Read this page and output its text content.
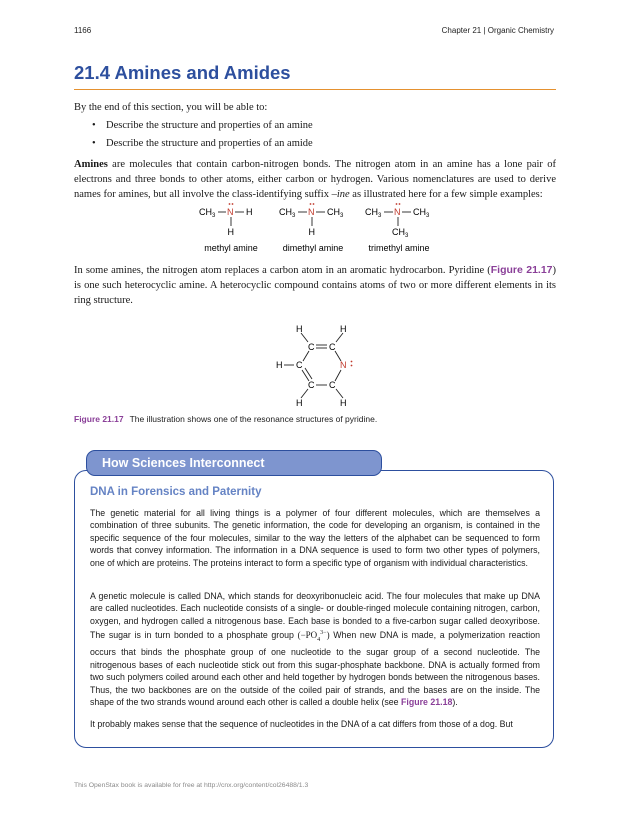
1166	Chapter 21 | Organic Chemistry
21.4 Amines and Amides

By the end of this section, you will be able to:

• Describe the structure and properties of an amine
• Describe the structure and properties of an amide

Amines are molecules that contain carbon-nitrogen bonds. The nitrogen atom in an amine has a lone pair of electrons and three bonds to other atoms, either carbon or hydrogen. Various nomenclatures are used to derive names for amines, but all involve the class-identifying suffix –ine as illustrated here for a few simple examples:

$CH_3$ N H
H
$CH_3$ N $CH_3$
H
$CH_3$ N $CH_3$
$CH_3$
methyl amine	dimethyl amine	trimethyl amine

In some amines, the nitrogen atom replaces a carbon atom in an aromatic hydrocarbon. Pyridine (Figure 21.17) is one such heterocyclic amine. A heterocyclic compound contains atoms of two or more different elements in its ring structure.

H	H
C C
H C	N
C C
H	H
Figure 21.17 The illustration shows one of the resonance structures of pyridine.
How Sciences Interconnect
DNA in Forensics and Paternity

The genetic material for all living things is a polymer of four different molecules, which are themselves a combination of three subunits. The genetic information, the code for developing an organism, is contained in the specific sequence of the four molecules, similar to the way the letters of the alphabet can be sequenced to form words that convey information. The information in a DNA sequence is used to form two other types of polymers, one of which are proteins. The proteins interact to form a specific type of organism with individual characteristics.

A genetic molecule is called DNA, which stands for deoxyribonucleic acid. The four molecules that make up DNA are called nucleotides. Each nucleotide consists of a single- or double-ringed molecule containing nitrogen, carbon, oxygen, and hydrogen called a nitrogenous base. Each base is bonded to a five-carbon sugar called deoxyribose. The sugar is in turn bonded to a phosphate group $(-PO_4^{3-})$ When new DNA is made, a polymerization reaction occurs that binds the phosphate group of one nucleotide to the sugar group of a second nucleotide. The nitrogenous bases of each nucleotide stick out from this sugar-phosphate backbone. DNA is actually formed from two such polymers coiled around each other and held together by hydrogen bonds between the nitrogenous bases. Thus, the two backbones are on the outside of the coiled pair of strands, and the bases are on the inside. The shape of the two strands wound around each other is called a double helix (see Figure 21.18).

It probably makes sense that the sequence of nucleotides in the DNA of a cat differs from those of a dog. But

This OpenStax book is available for free at http://cnx.org/content/col26488/1.3
